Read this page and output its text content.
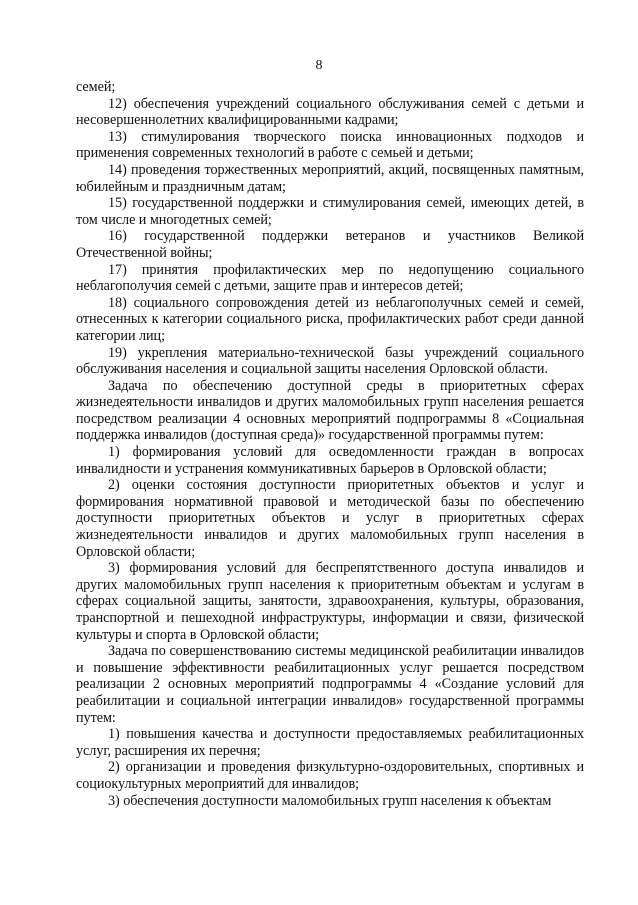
8

семей;

12) обеспечения учреждений социального обслуживания семей с детьми и несовершеннолетних квалифицированными кадрами;

13) стимулирования творческого поиска инновационных подходов и применения современных технологий в работе с семьей и детьми;

14) проведения торжественных мероприятий, акций, посвященных памятным, юбилейным и праздничным датам;

15) государственной поддержки и стимулирования семей, имеющих детей, в том числе и многодетных семей;

16) государственной поддержки ветеранов и участников Великой Отечественной войны;

17) принятия профилактических мер по недопущению социального неблагополучия семей с детьми, защите прав и интересов детей;

18) социального сопровождения детей из неблагополучных семей и семей, отнесенных к категории социального риска, профилактических работ среди данной категории лиц;

19) укрепления материально-технической базы учреждений социального обслуживания населения и социальной защиты населения Орловской области.

Задача по обеспечению доступной среды в приоритетных сферах жизнедеятельности инвалидов и других маломобильных групп населения решается посредством реализации 4 основных мероприятий подпрограммы 8 «Социальная поддержка инвалидов (доступная среда)» государственной программы путем:

1) формирования условий для осведомленности граждан в вопросах инвалидности и устранения коммуникативных барьеров в Орловской области;

2) оценки состояния доступности приоритетных объектов и услуг и формирования нормативной правовой и методической базы по обеспечению доступности приоритетных объектов и услуг в приоритетных сферах жизнедеятельности инвалидов и других маломобильных групп населения в Орловской области;

3) формирования условий для беспрепятственного доступа инвалидов и других маломобильных групп населения к приоритетным объектам и услугам в сферах социальной защиты, занятости, здравоохранения, культуры, образования, транспортной и пешеходной инфраструктуры, информации и связи, физической культуры и спорта в Орловской области;

Задача по совершенствованию системы медицинской реабилитации инвалидов и повышение эффективности реабилитационных услуг решается посредством реализации 2 основных мероприятий подпрограммы 4 «Создание условий для реабилитации и социальной интеграции инвалидов» государственной программы путем:

1) повышения качества и доступности предоставляемых реабилитационных услуг, расширения их перечня;

2) организации и проведения физкультурно-оздоровительных, спортивных и социокультурных мероприятий для инвалидов;

3) обеспечения доступности маломобильных групп населения к объектам
